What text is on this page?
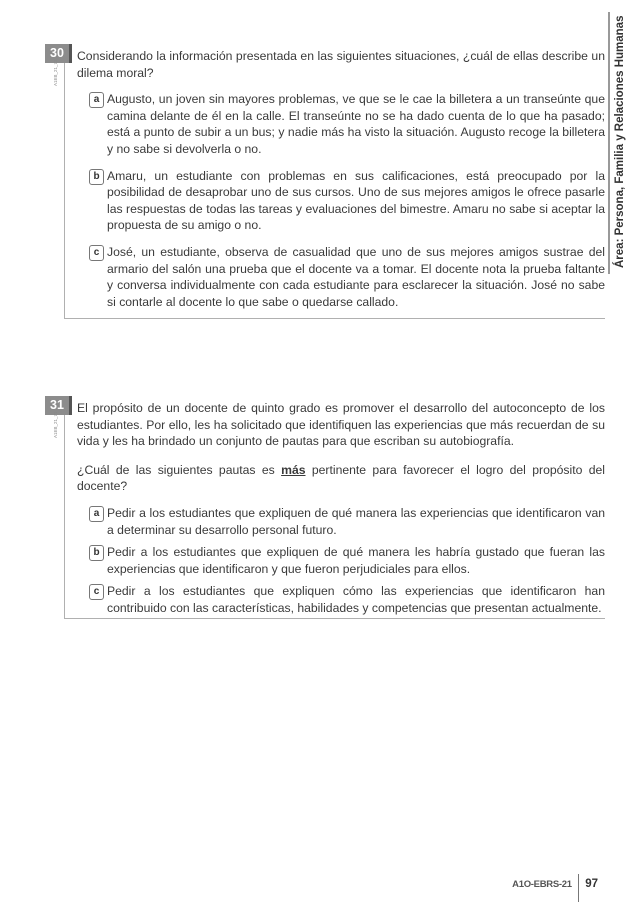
Área: Persona, Familia y Relaciones Humanas
30
A1EB_21_72

Considerando la información presentada en las siguientes situaciones, ¿cuál de ellas describe un dilema moral?

a Augusto, un joven sin mayores problemas, ve que se le cae la billetera a un transeúnte que camina delante de él en la calle. El transeúnte no se ha dado cuenta de lo que ha pasado; está a punto de subir a un bus; y nadie más ha visto la situación. Augusto recoge la billetera y no sabe si devolverla o no.
b Amaru, un estudiante con problemas en sus calificaciones, está preocupado por la posibilidad de desaprobar uno de sus cursos. Uno de sus mejores amigos le ofrece pasarle las respuestas de todas las tareas y evaluaciones del bimestre. Amaru no sabe si aceptar la propuesta de su amigo o no.
c José, un estudiante, observa de casualidad que uno de sus mejores amigos sustrae del armario del salón una prueba que el docente va a tomar. El docente nota la prueba faltante y conversa individualmente con cada estudiante para esclarecer la situación. José no sabe si contarle al docente lo que sabe o quedarse callado.
31
A1EB_21_71

El propósito de un docente de quinto grado es promover el desarrollo del autoconcepto de los estudiantes. Por ello, les ha solicitado que identifiquen las experiencias que más recuerdan de su vida y les ha brindado un conjunto de pautas para que escriban su autobiografía.

¿Cuál de las siguientes pautas es más pertinente para favorecer el logro del propósito del docente?

a Pedir a los estudiantes que expliquen de qué manera las experiencias que identificaron van a determinar su desarrollo personal futuro.
b Pedir a los estudiantes que expliquen de qué manera les habría gustado que fueran las experiencias que identificaron y que fueron perjudiciales para ellos.
c Pedir a los estudiantes que expliquen cómo las experiencias que identificaron han contribuido con las características, habilidades y competencias que presentan actualmente.
A1O-EBRS-21 97
